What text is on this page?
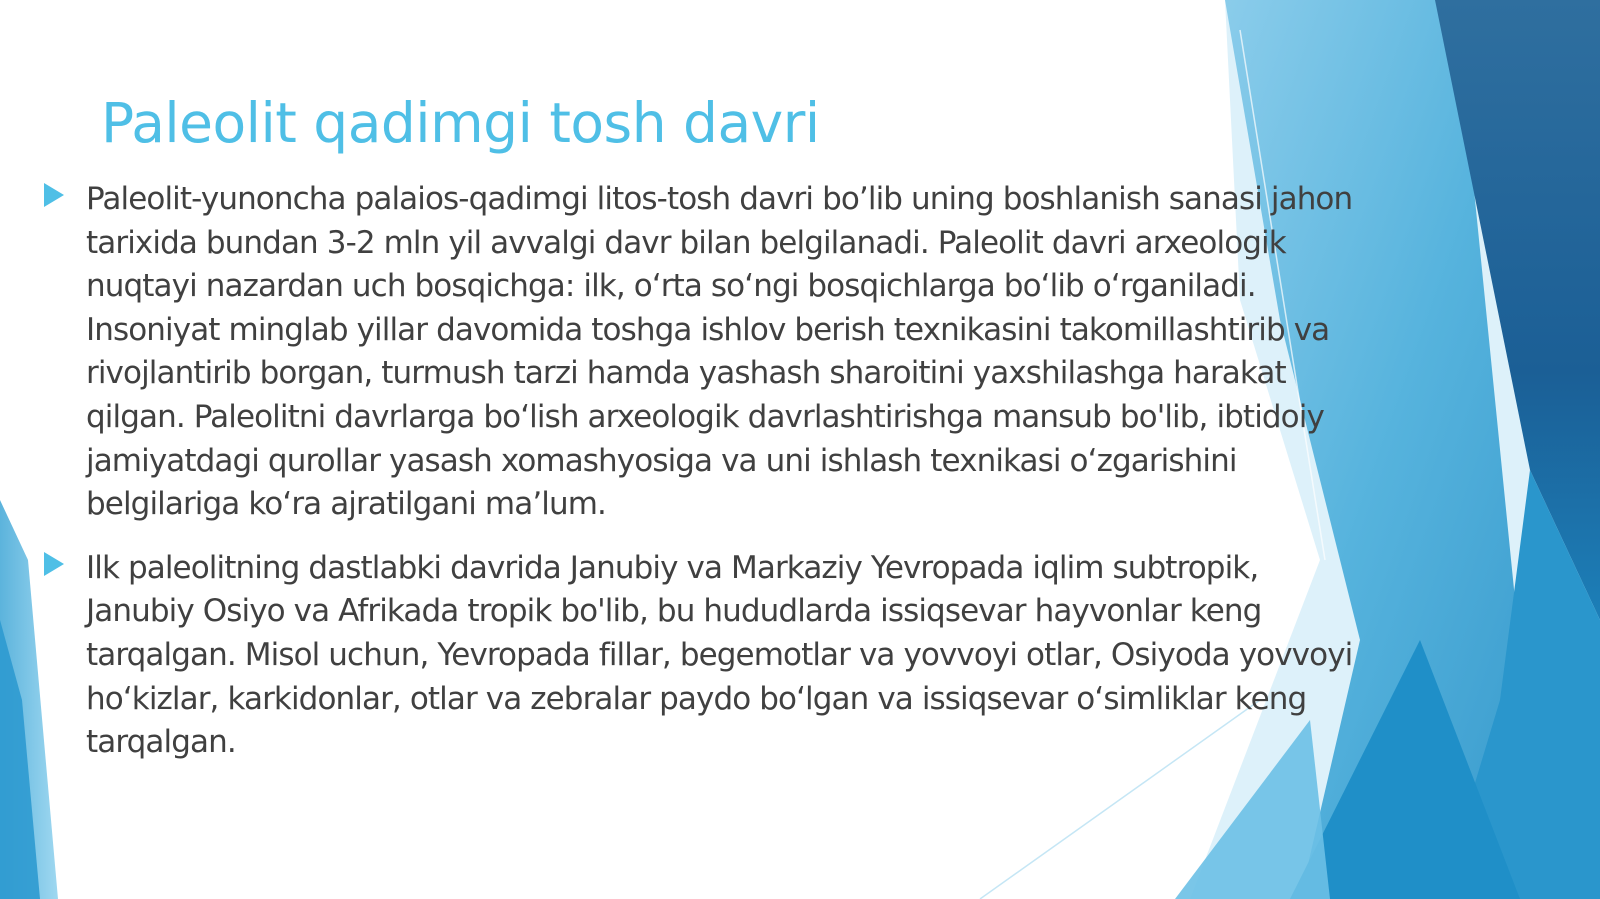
Paleolit qadimgi tosh davri
Paleolit-yunoncha palaios-qadimgi litos-tosh davri bo’lib uning boshlanish sanasi jahon
tarixida bundan 3-2 mln yil avvalgi davr bilan belgilanadi. Paleolit davri arxeologik
nuqtayi nazardan uch bosqichga: ilk, oʻrta soʻngi bosqichlarga boʻlib oʻrganiladi.
Insoniyat minglab yillar davomida toshga ishlov berish texnikasini takomillashtirib va
rivojlantirib borgan, turmush tarzi hamda yashash sharoitini yaxshilashga harakat
qilgan. Paleolitni davrlarga boʻlish arxeologik davrlashtirishga mansub bo'lib, ibtidoiy
jamiyatdagi qurollar yasash xomashyosiga va uni ishlash texnikasi oʻzgarishini
belgilariga koʻra ajratilgani ma’lum.
Ilk paleolitning dastlabki davrida Janubiy va Markaziy Yevropada iqlim subtropik,
Janubiy Osiyo va Afrikada tropik bo'lib, bu hududlarda issiqsevar hayvonlar keng
tarqalgan. Misol uchun, Yevropada fillar, begemotlar va yovvoyi otlar, Osiyoda yovvoyi
hoʻkizlar, karkidonlar, otlar va zebralar paydo boʻlgan va issiqsevar oʻsimliklar keng
tarqalgan.
